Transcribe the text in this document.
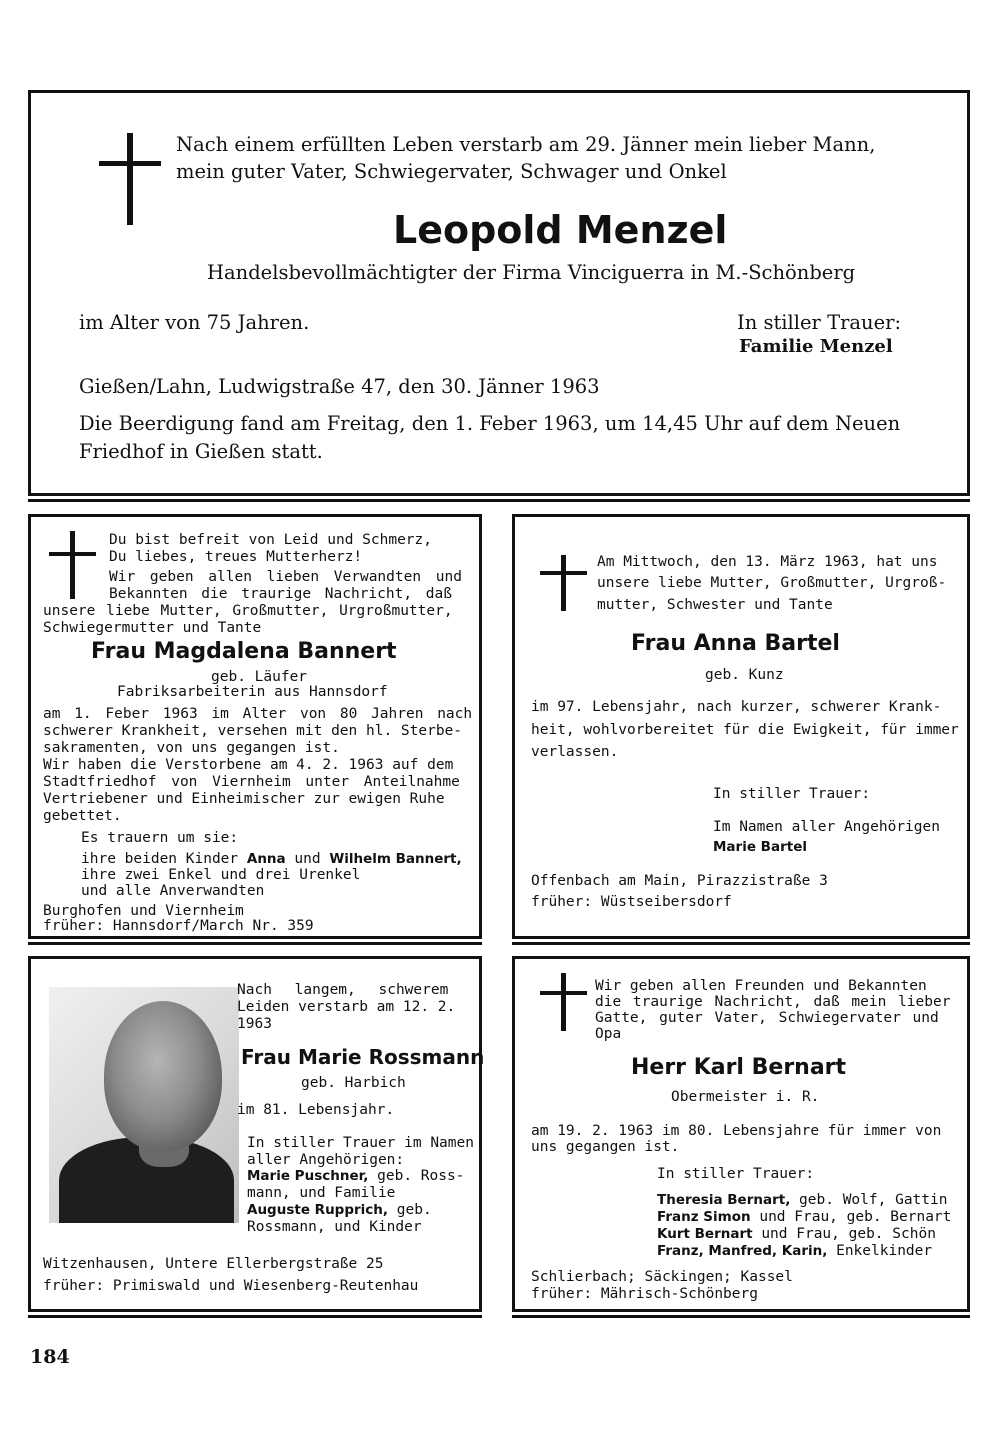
Nach einem erfüllten Leben verstarb am 29. Jänner mein lieber Mann,
mein guter Vater, Schwiegervater, Schwager und Onkel
Leopold Menzel
Handelsbevollmächtigter der Firma Vinciguerra in M.-Schönberg
im Alter von 75 Jahren.	In stiller Trauer:
Familie Menzel
Gießen/Lahn, Ludwigstraße 47, den 30. Jänner 1963
Die Beerdigung fand am Freitag, den 1. Feber 1963, um 14,45 Uhr auf dem Neuen
Friedhof in Gießen statt.
Du bist befreit von Leid und Schmerz,
Du liebes, treues Mutterherz!
Wir geben allen lieben Verwandten und
Bekannten die traurige Nachricht, daß
unsere liebe Mutter, Großmutter, Urgroßmutter,
Schwiegermutter und Tante
Frau Magdalena Bannert
geb. Läufer
Fabriksarbeiterin aus Hannsdorf
am 1. Feber 1963 im Alter von 80 Jahren nach
schwerer Krankheit, versehen mit den hl. Sterbe-
sakramenten, von uns gegangen ist.
Wir haben die Verstorbene am 4. 2. 1963 auf dem
Stadtfriedhof von Viernheim unter Anteilnahme
Vertriebener und Einheimischer zur ewigen Ruhe
gebettet.
Es trauern um sie:
ihre beiden Kinder Anna und Wilhelm Bannert,
ihre zwei Enkel und drei Urenkel
und alle Anverwandten
Burghofen und Viernheim
früher: Hannsdorf/March Nr. 359
Am Mittwoch, den 13. März 1963, hat uns
unsere liebe Mutter, Großmutter, Urgroß-
mutter, Schwester und Tante
Frau Anna Bartel
geb. Kunz
im 97. Lebensjahr, nach kurzer, schwerer Krank-
heit, wohlvorbereitet für die Ewigkeit, für immer
verlassen.
In stiller Trauer:
Im Namen aller Angehörigen
Marie Bartel
Offenbach am Main, Pirazzistraße 3
früher: Wüstseibersdorf
Nach langem, schwerem
Leiden verstarb am 12. 2.
1963
Frau Marie Rossmann
geb. Harbich
im 81. Lebensjahr.
In stiller Trauer im Namen
aller Angehörigen:
Marie Puschner, geb. Ross-
mann, und Familie
Auguste Rupprich, geb.
Rossmann, und Kinder
Witzenhausen, Untere Ellerbergstraße 25
früher: Primiswald und Wiesenberg-Reutenhau
Wir geben allen Freunden und Bekannten
die traurige Nachricht, daß mein lieber
Gatte, guter Vater, Schwiegervater und
Opa
Herr Karl Bernart
Obermeister i. R.
am 19. 2. 1963 im 80. Lebensjahre für immer von
uns gegangen ist.
In stiller Trauer:
Theresia Bernart, geb. Wolf, Gattin
Franz Simon und Frau, geb. Bernart
Kurt Bernart und Frau, geb. Schön
Franz, Manfred, Karin, Enkelkinder
Schlierbach; Säckingen; Kassel
früher: Mährisch-Schönberg
184
